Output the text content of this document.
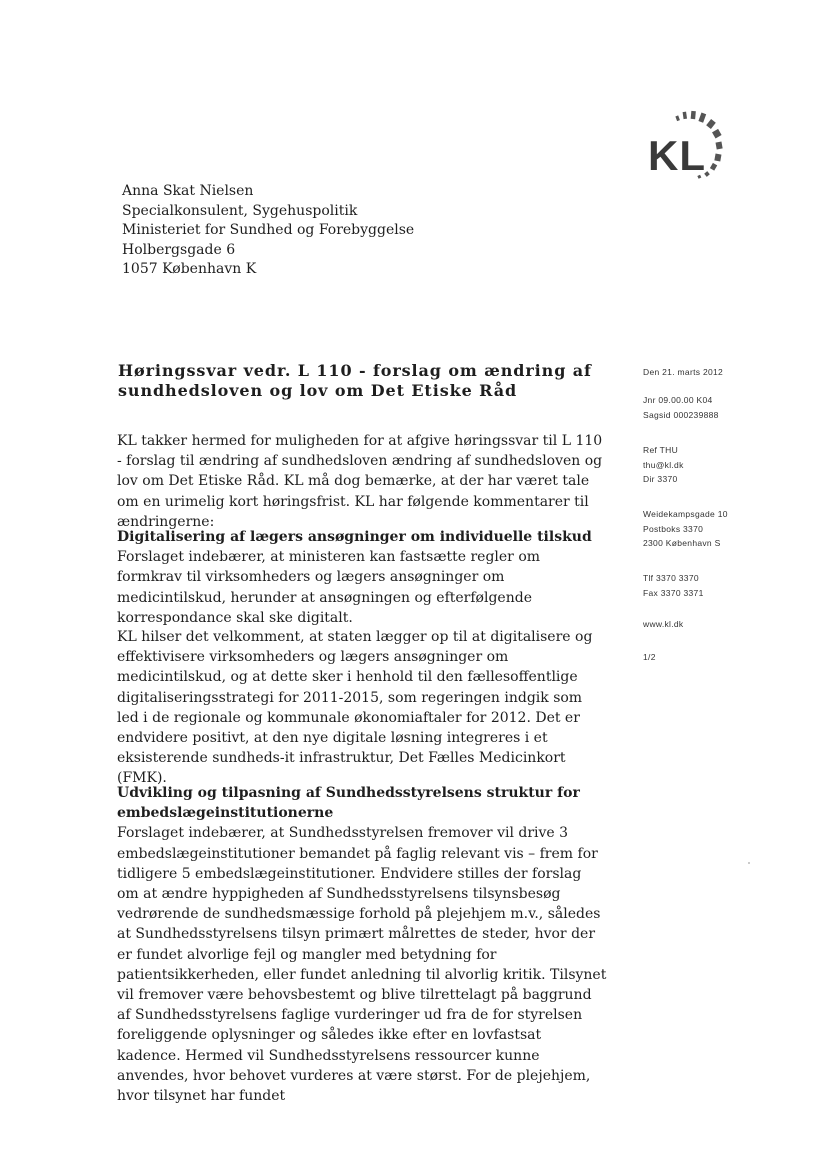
KL
Anna Skat Nielsen
Specialkonsulent, Sygehuspolitik
Ministeriet for Sundhed og Forebyggelse
Holbergsgade 6
1057 København K
Høringssvar vedr. L 110 - forslag om ændring af
sundhedsloven og lov om Det Etiske Råd

KL takker hermed for muligheden for at afgive høringssvar til L 110 - forslag til ændring af sundhedsloven ændring af sundhedsloven og lov om Det Etiske Råd. KL må dog bemærke, at der har været tale om en urimelig kort høringsfrist. KL har følgende kommentarer til ændringerne:

Digitalisering af lægers ansøgninger om individuelle tilskud

Forslaget indebærer, at ministeren kan fastsætte regler om formkrav til virksomheders og lægers ansøgninger om medicintilskud, herunder at ansøgningen og efterfølgende korrespondance skal ske digitalt.

KL hilser det velkomment, at staten lægger op til at digitalisere og effektivisere virksomheders og lægers ansøgninger om medicintilskud, og at dette sker i henhold til den fællesoffentlige digitaliseringsstrategi for 2011-2015, som regeringen indgik som led i de regionale og kommunale økonomiaftaler for 2012. Det er endvidere positivt, at den nye digitale løsning integreres i et eksisterende sundheds-it infrastruktur, Det Fælles Medicinkort (FMK).

Udvikling og tilpasning af Sundhedsstyrelsens struktur for

embedslægeinstitutionerne

Forslaget indebærer, at Sundhedsstyrelsen fremover vil drive 3 embedslægeinstitutioner bemandet på faglig relevant vis – frem for tidligere 5 embedslægeinstitutioner. Endvidere stilles der forslag om at ændre hyppigheden af Sundhedsstyrelsens tilsynsbesøg vedrørende de sundhedsmæssige forhold på plejehjem m.v., således at Sundhedsstyrelsens tilsyn primært målrettes de steder, hvor der er fundet alvorlige fejl og mangler med betydning for patientsikkerheden, eller fundet anledning til alvorlig kritik. Tilsynet vil fremover være behovsbestemt og blive tilrettelagt på baggrund af Sundhedsstyrelsens faglige vurderinger ud fra de for styrelsen foreliggende oplysninger og således ikke efter en lovfastsat kadence. Hermed vil Sundhedsstyrelsens ressourcer kunne anvendes, hvor behovet vurderes at være størst. For de plejehjem, hvor tilsynet har fundet

Den 21. marts 2012
Jnr 09.00.00 K04
Sagsid 000239888
Ref THU
thu@kl.dk
Dir 3370
Weidekampsgade 10
Postboks 3370
2300 København S
Tlf 3370 3370
Fax 3370 3371
www.kl.dk
1/2
